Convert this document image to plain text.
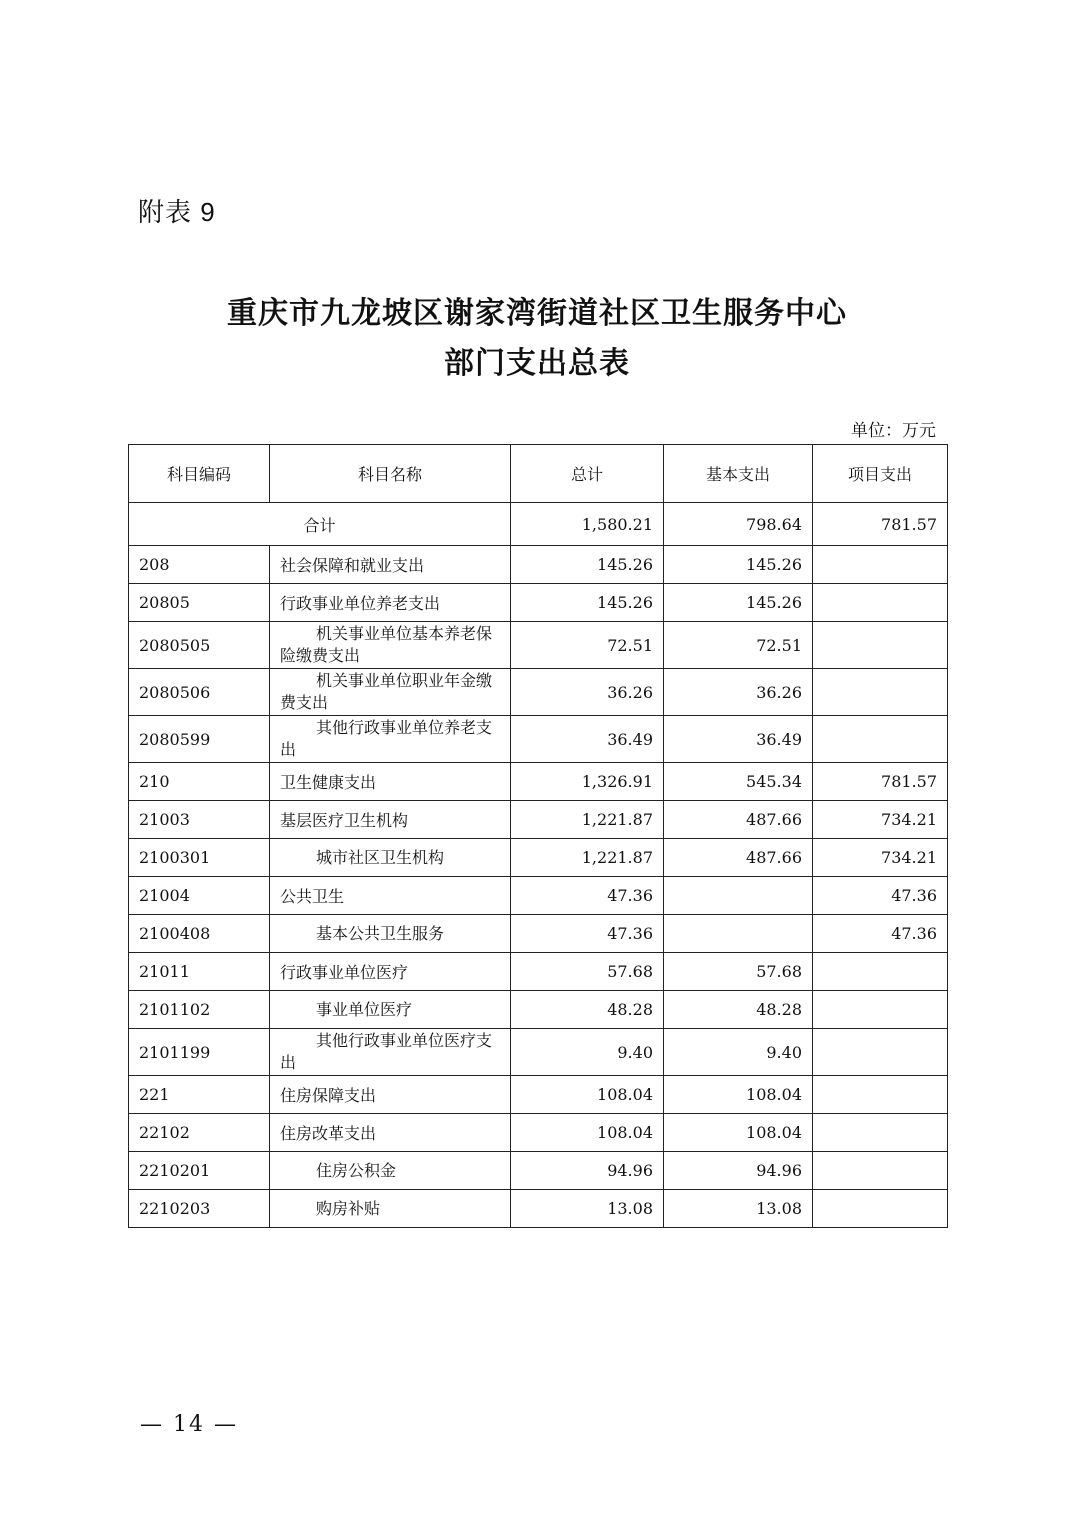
附表 9
重庆市九龙坡区谢家湾街道社区卫生服务中心
部门支出总表
单位：万元
科目编码	科目名称	总计	基本支出	项目支出
合计		1,580.21	798.64	781.57
208	社会保障和就业支出	145.26	145.26	
20805	行政事业单位养老支出	145.26	145.26	
2080505	机关事业单位基本养老保险缴费支出	72.51	72.51	
2080506	机关事业单位职业年金缴费支出	36.26	36.26	
2080599	其他行政事业单位养老支出	36.49	36.49	
210	卫生健康支出	1,326.91	545.34	781.57
21003	基层医疗卫生机构	1,221.87	487.66	734.21
2100301	城市社区卫生机构	1,221.87	487.66	734.21
21004	公共卫生	47.36		47.36
2100408	基本公共卫生服务	47.36		47.36
21011	行政事业单位医疗	57.68	57.68	
2101102	事业单位医疗	48.28	48.28	
2101199	其他行政事业单位医疗支出	9.40	9.40	
221	住房保障支出	108.04	108.04	
22102	住房改革支出	108.04	108.04	
2210201	住房公积金	94.96	94.96	
2210203	购房补贴	13.08	13.08	
— 14 —
